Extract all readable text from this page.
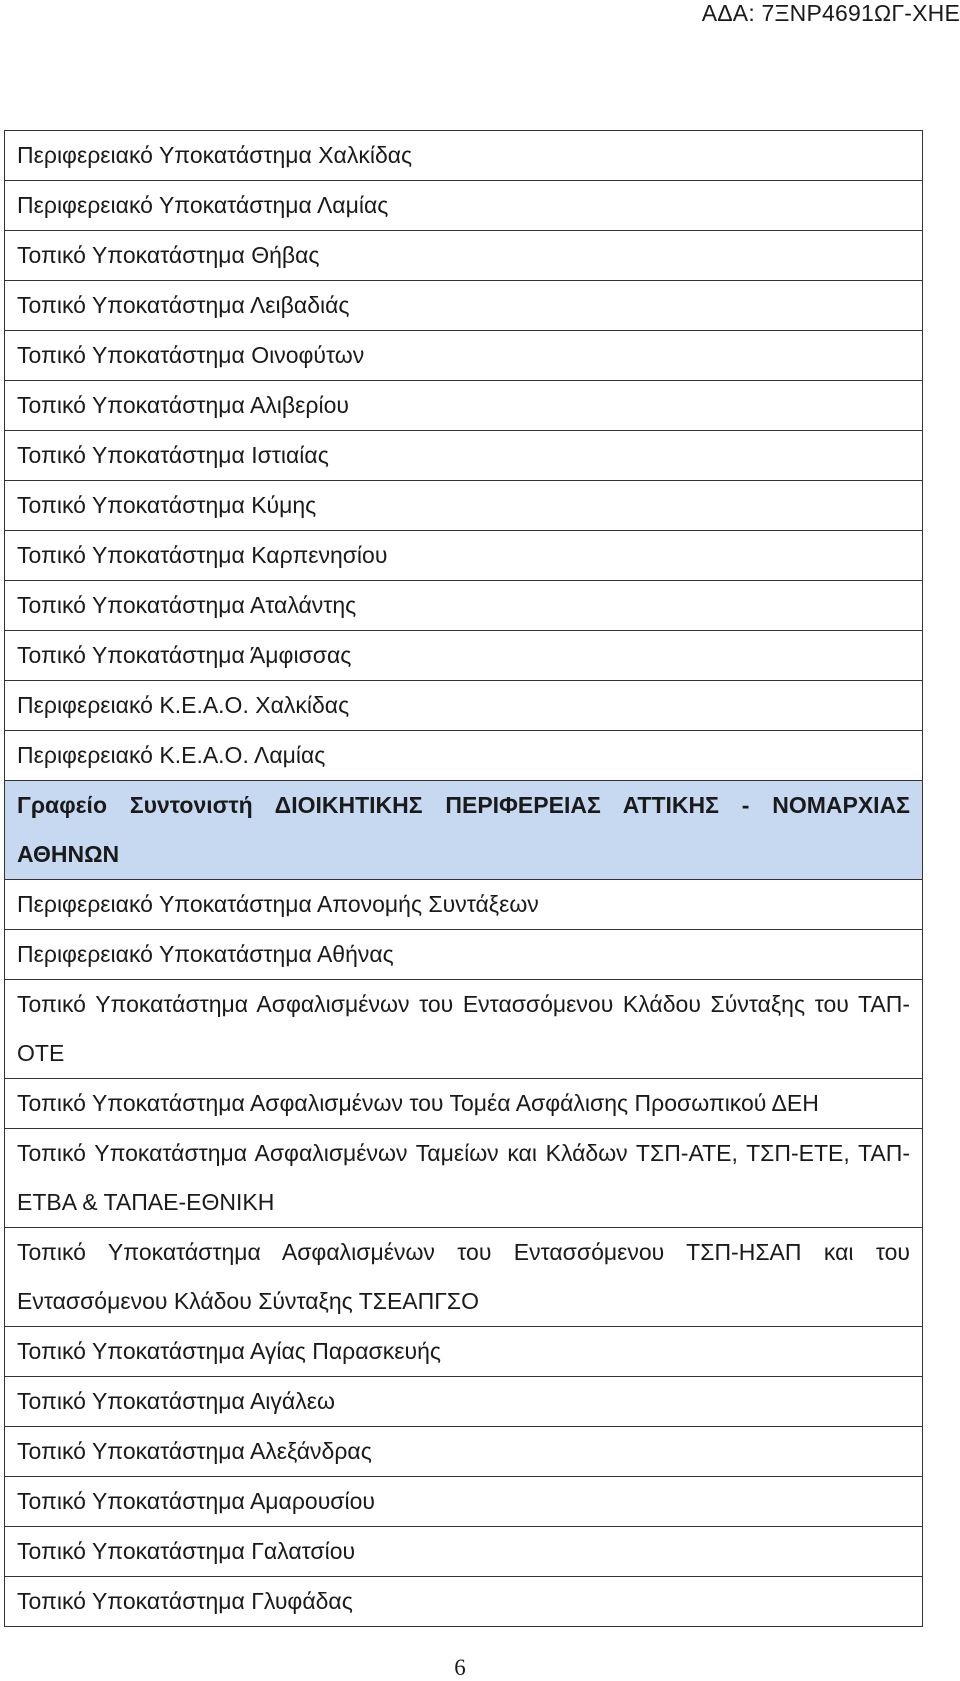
ΑΔΑ: 7ΞΝΡ4691ΩΓ-ΧΗΕ
Περιφερειακό Υποκατάστημα Χαλκίδας
Περιφερειακό Υποκατάστημα Λαμίας
Τοπικό Υποκατάστημα Θήβας
Τοπικό Υποκατάστημα Λειβαδιάς
Τοπικό Υποκατάστημα Οινοφύτων
Τοπικό Υποκατάστημα Αλιβερίου
Τοπικό Υποκατάστημα Ιστιαίας
Τοπικό Υποκατάστημα Κύμης
Τοπικό Υποκατάστημα Καρπενησίου
Τοπικό Υποκατάστημα Αταλάντης
Τοπικό Υποκατάστημα Άμφισσας
Περιφερειακό Κ.Ε.Α.Ο. Χαλκίδας
Περιφερειακό Κ.Ε.Α.Ο. Λαμίας
Γραφείο Συντονιστή ΔΙΟΙΚΗΤΙΚΗΣ ΠΕΡΙΦΕΡΕΙΑΣ ΑΤΤΙΚΗΣ - ΝΟΜΑΡΧΙΑΣ ΑΘΗΝΩΝ
Περιφερειακό Υποκατάστημα Απονομής Συντάξεων
Περιφερειακό Υποκατάστημα Αθήνας
Τοπικό Υποκατάστημα Ασφαλισμένων του Εντασσόμενου Κλάδου Σύνταξης του ΤΑΠ-ΟΤΕ
Τοπικό Υποκατάστημα Ασφαλισμένων του Τομέα Ασφάλισης Προσωπικού ΔΕΗ
Τοπικό Υποκατάστημα Ασφαλισμένων Ταμείων και Κλάδων ΤΣΠ-ΑΤΕ, ΤΣΠ-ΕΤΕ, ΤΑΠ-ΕΤΒΑ & ΤΑΠΑΕ-ΕΘΝΙΚΗ
Τοπικό Υποκατάστημα Ασφαλισμένων του Εντασσόμενου ΤΣΠ-ΗΣΑΠ και του Εντασσόμενου Κλάδου Σύνταξης ΤΣΕΑΠΓΣΟ
Τοπικό Υποκατάστημα Αγίας Παρασκευής
Τοπικό Υποκατάστημα Αιγάλεω
Τοπικό Υποκατάστημα Αλεξάνδρας
Τοπικό Υποκατάστημα Αμαρουσίου
Τοπικό Υποκατάστημα Γαλατσίου
Τοπικό Υποκατάστημα Γλυφάδας
6
